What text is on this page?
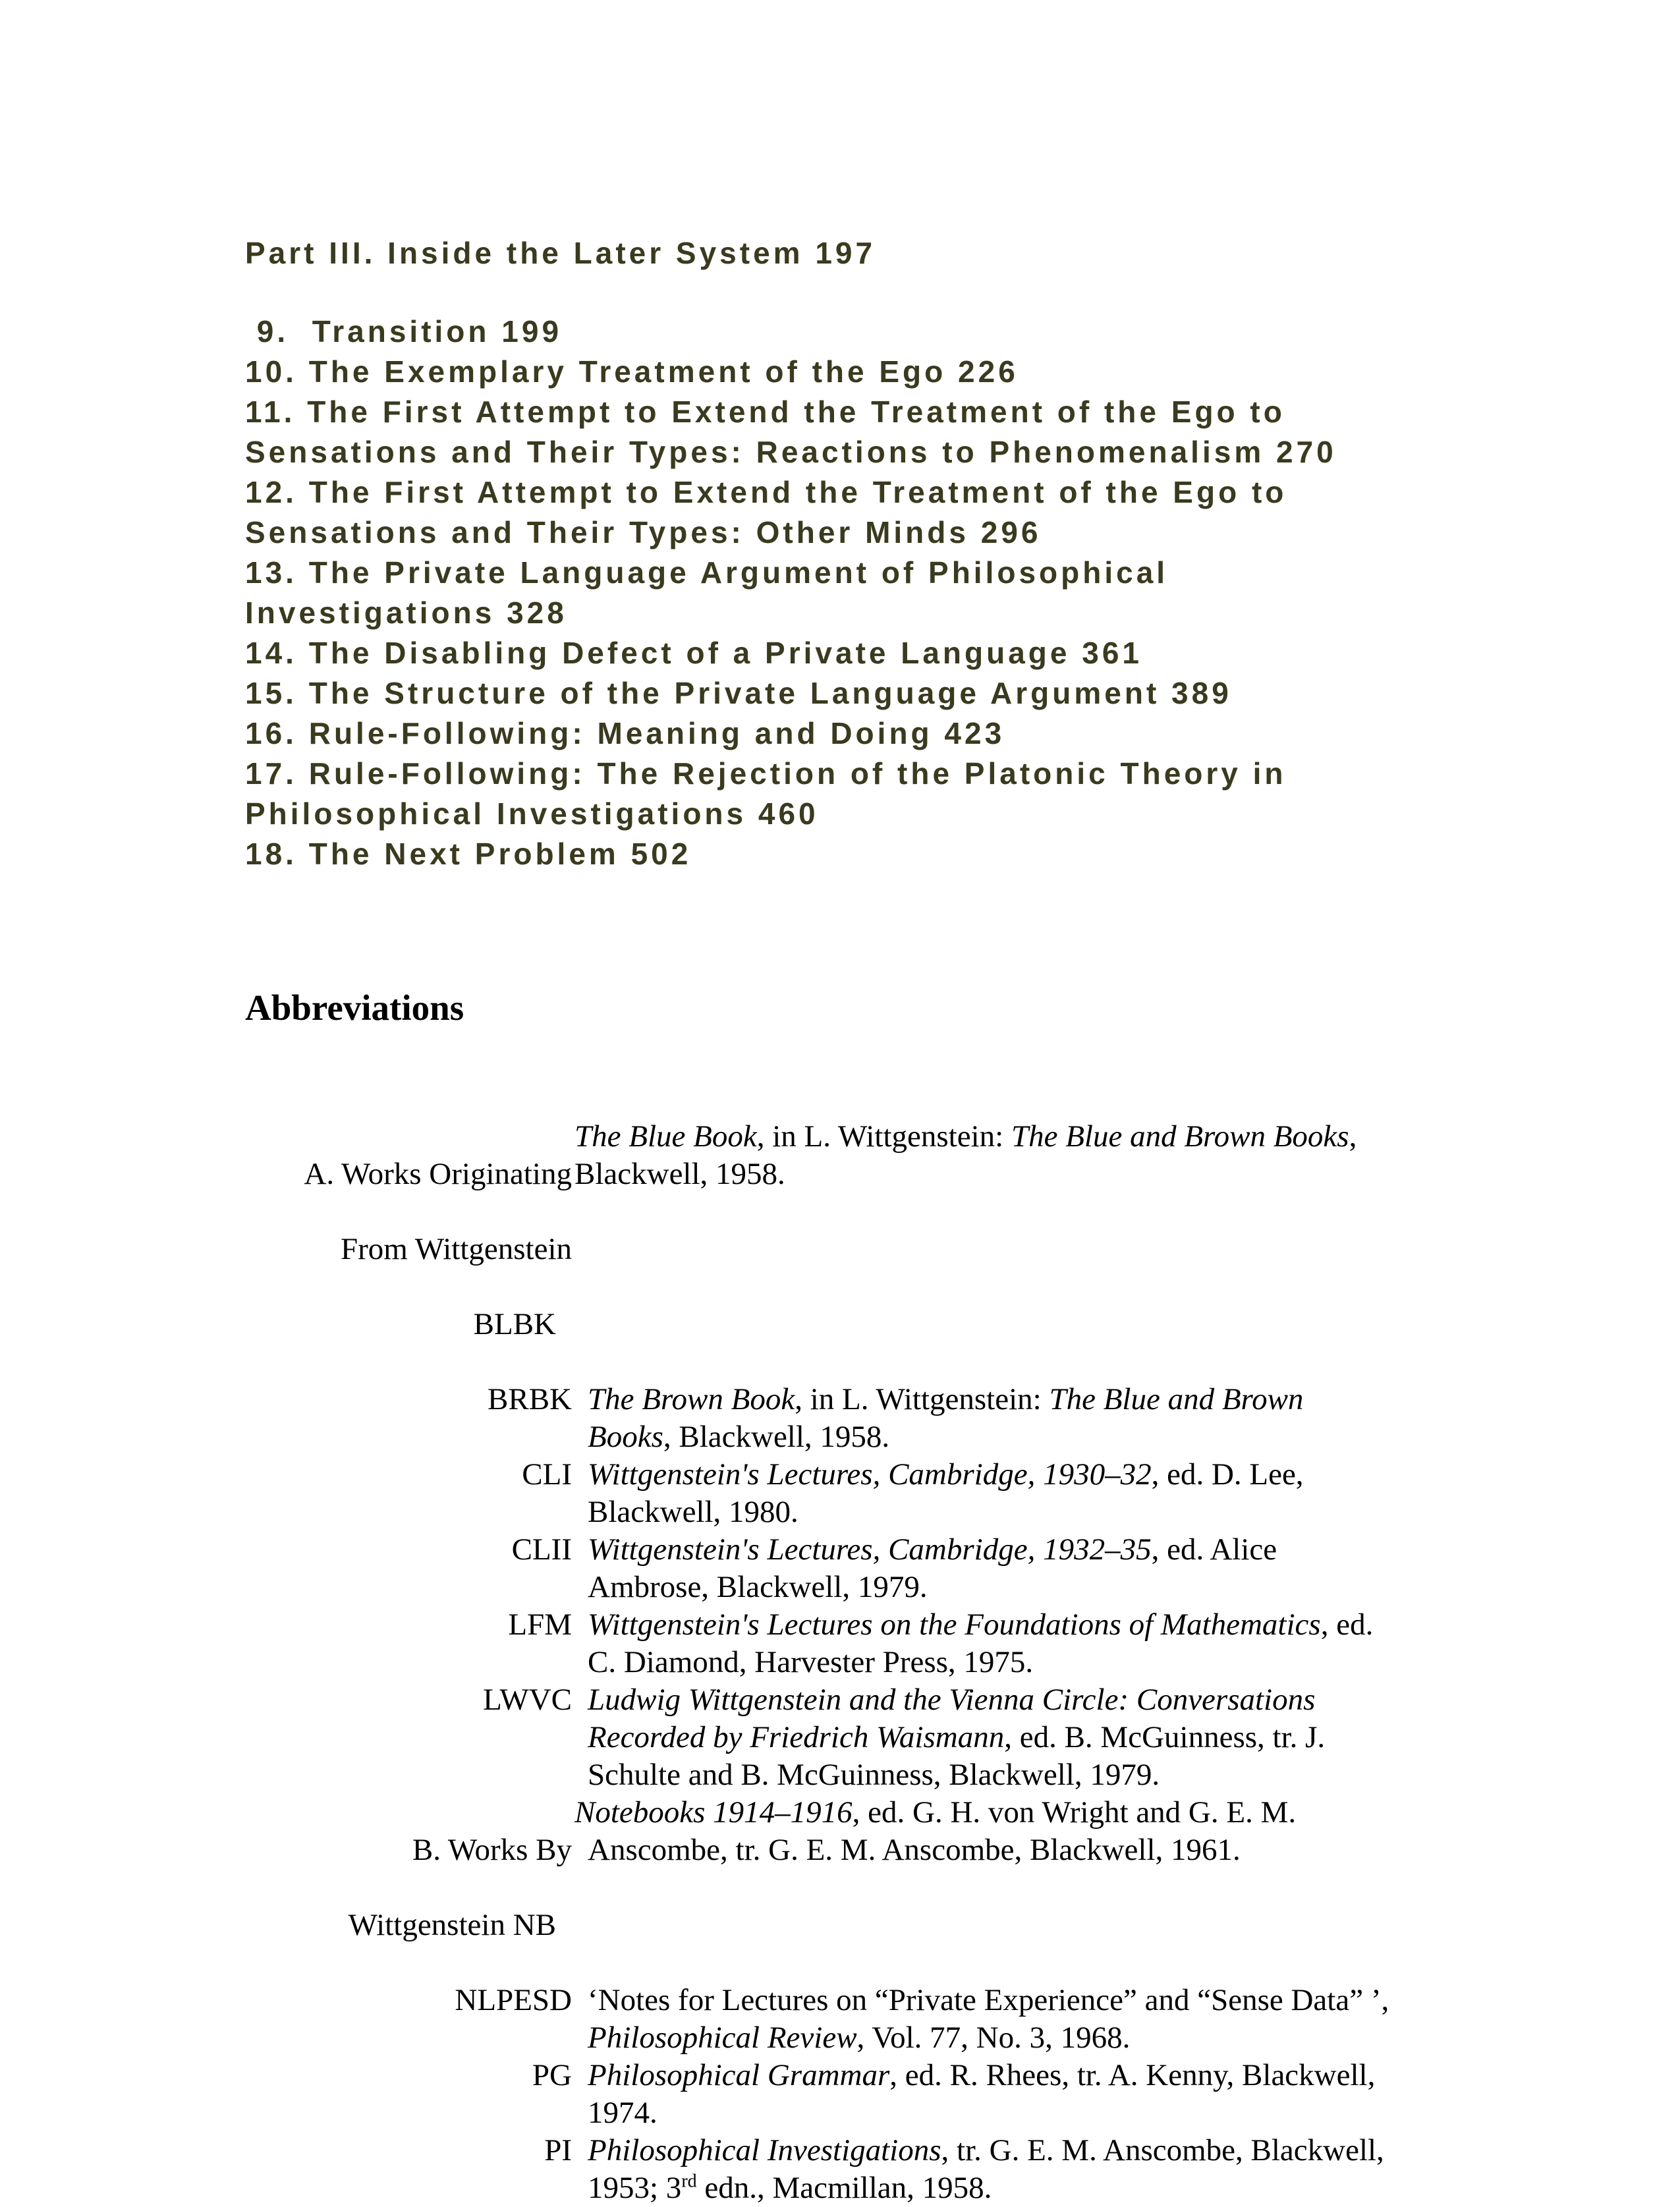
Part III. Inside the Later System 197
9.  Transition 199
10. The Exemplary Treatment of the Ego 226
11. The First Attempt to Extend the Treatment of the Ego to
Sensations and Their Types: Reactions to Phenomenalism 270
12. The First Attempt to Extend the Treatment of the Ego to
Sensations and Their Types: Other Minds 296
13. The Private Language Argument of Philosophical
Investigations 328
14. The Disabling Defect of a Private Language 361
15. The Structure of the Private Language Argument 389
16. Rule-Following: Meaning and Doing 423
17. Rule-Following: The Rejection of the Platonic Theory in
Philosophical Investigations 460
18. The Next Problem 502
Abbreviations

A. Works Originating

From Wittgenstein

BLBK

The Blue Book, in L. Wittgenstein: The Blue and Brown Books,
Blackwell, 1958.
BRBK The Brown Book, in L. Wittgenstein: The Blue and Brown
Books, Blackwell, 1958.
CLI Wittgenstein's Lectures, Cambridge, 1930–32, ed. D. Lee,
Blackwell, 1980.
CLII Wittgenstein's Lectures, Cambridge, 1932–35, ed. Alice
Ambrose, Blackwell, 1979.
LFM Wittgenstein's Lectures on the Foundations of Mathematics, ed.
C. Diamond, Harvester Press, 1975.
LWVC Ludwig Wittgenstein and the Vienna Circle: Conversations
Recorded by Friedrich Waismann, ed. B. McGuinness, tr. J.
Schulte and B. McGuinness, Blackwell, 1979.

B. Works By

Wittgenstein NB

Notebooks 1914–1916, ed. G. H. von Wright and G. E. M.
Anscombe, tr. G. E. M. Anscombe, Blackwell, 1961.
NLPESD ‘Notes for Lectures on “Private Experience” and “Sense Data” ’,
Philosophical Review, Vol. 77, No. 3, 1968.
PG Philosophical Grammar, ed. R. Rhees, tr. A. Kenny, Blackwell,
1974.
PI Philosophical Investigations, tr. G. E. M. Anscombe, Blackwell,
1953; 3rd edn., Macmillan, 1958.
